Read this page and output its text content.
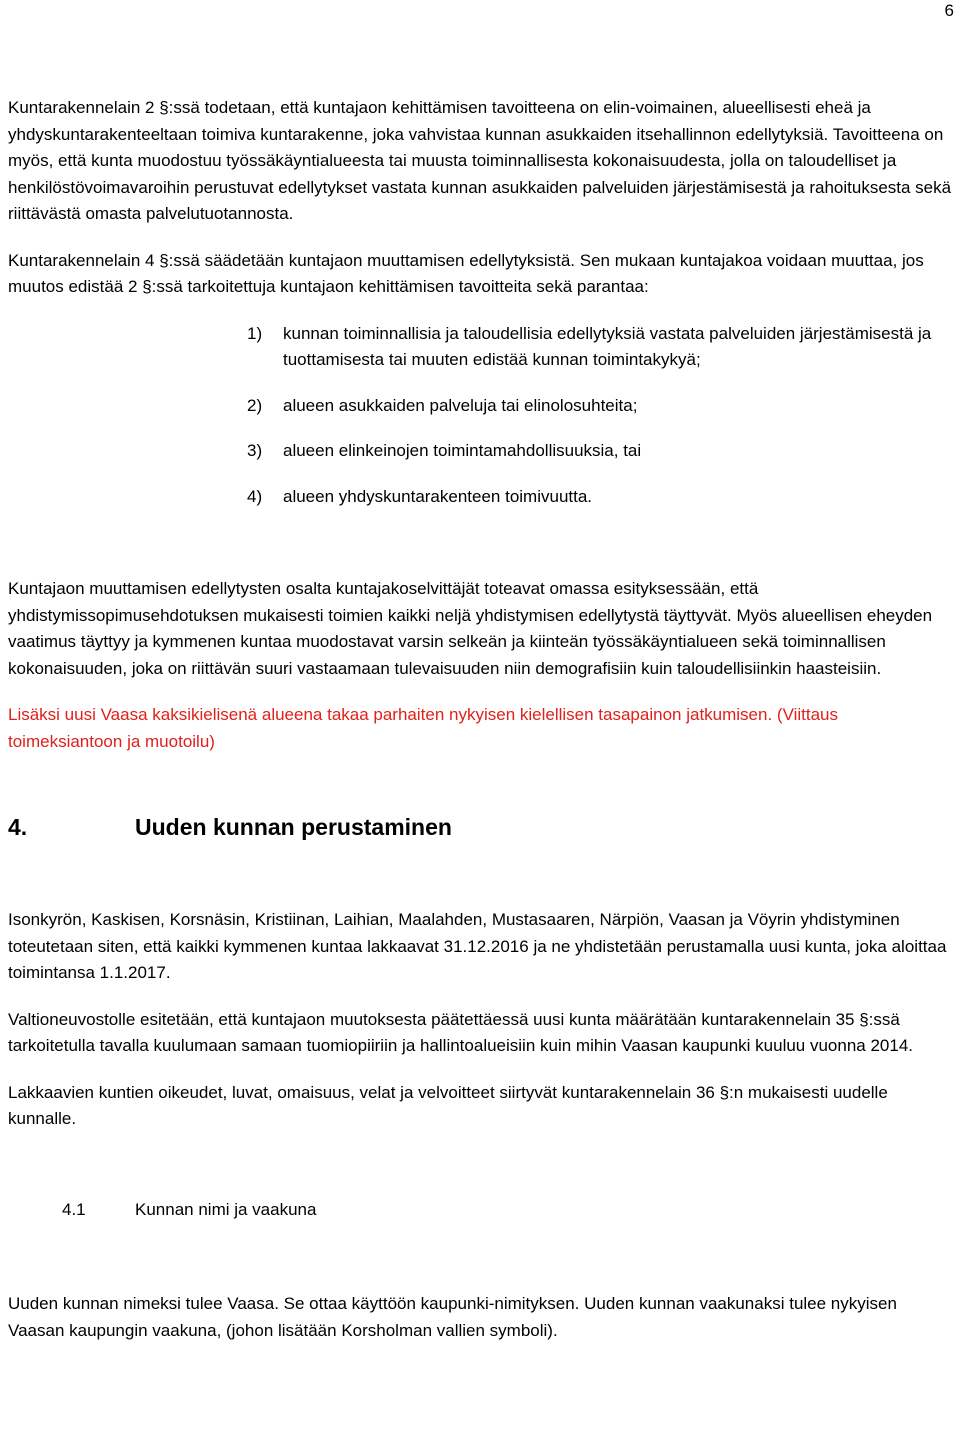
6

Kuntarakennelain 2 §:ssä todetaan, että kuntajaon kehittämisen tavoitteena on elin-voimainen, alueellisesti eheä ja yhdyskuntarakenteeltaan toimiva kuntarakenne, joka vahvistaa kunnan asukkaiden itsehallinnon edellytyksiä. Tavoitteena on myös, että kunta muodostuu työssäkäyntialueesta tai muusta toiminnallisesta kokonaisuudesta, jolla on taloudelliset ja henkilöstövoimavaroihin perustuvat edellytykset vastata kunnan asukkaiden palveluiden järjestämisestä ja rahoituksesta sekä riittävästä omasta palvelutuotannosta.

Kuntarakennelain 4 §:ssä säädetään kuntajaon muuttamisen edellytyksistä. Sen mukaan kuntajakoa voidaan muuttaa, jos muutos edistää 2 §:ssä tarkoitettuja kuntajaon kehittämisen tavoitteita sekä parantaa:

1)	kunnan toiminnallisia ja taloudellisia edellytyksiä vastata palveluiden järjestämisestä ja tuottamisesta tai muuten edistää kunnan toimintakykyä;
2)	alueen asukkaiden palveluja tai elinolosuhteita;
3)	alueen elinkeinojen toimintamahdollisuuksia, tai
4)	alueen yhdyskuntarakenteen toimivuutta.

Kuntajaon muuttamisen edellytysten osalta kuntajakoselvittäjät toteavat omassa esityksessään, että yhdistymissopimusehdotuksen mukaisesti toimien kaikki neljä yhdistymisen edellytystä täyttyvät. Myös alueellisen eheyden vaatimus täyttyy ja kymmenen kuntaa muodostavat varsin selkeän ja kiinteän työssäkäyntialueen sekä toiminnallisen kokonaisuuden, joka on riittävän suuri vastaamaan tulevaisuuden niin demografisiin kuin taloudellisiinkin haasteisiin.

Lisäksi uusi Vaasa kaksikielisenä alueena takaa parhaiten nykyisen kielellisen tasapainon jatkumisen. (Viittaus toimeksiantoon ja muotoilu)

4.	Uuden kunnan perustaminen

Isonkyrön, Kaskisen, Korsnäsin, Kristiinan, Laihian, Maalahden, Mustasaaren, Närpiön, Vaasan ja Vöyrin yhdistyminen toteutetaan siten, että kaikki kymmenen kuntaa lakkaavat 31.12.2016 ja ne yhdistetään perustamalla uusi kunta, joka aloittaa toimintansa 1.1.2017.

Valtioneuvostolle esitetään, että kuntajaon muutoksesta päätettäessä uusi kunta määrätään kuntarakennelain 35 §:ssä tarkoitetulla tavalla kuulumaan samaan tuomiopiiriin ja hallintoalueisiin kuin mihin Vaasan kaupunki kuuluu vuonna 2014.

Lakkaavien kuntien oikeudet, luvat, omaisuus, velat ja velvoitteet siirtyvät kuntarakennelain 36 §:n mukaisesti uudelle kunnalle.

4.1	Kunnan nimi ja vaakuna

Uuden kunnan nimeksi tulee Vaasa. Se ottaa käyttöön kaupunki-nimityksen. Uuden kunnan vaakunaksi tulee nykyisen Vaasan kaupungin vaakuna, (johon lisätään Korsholman vallien symboli).
